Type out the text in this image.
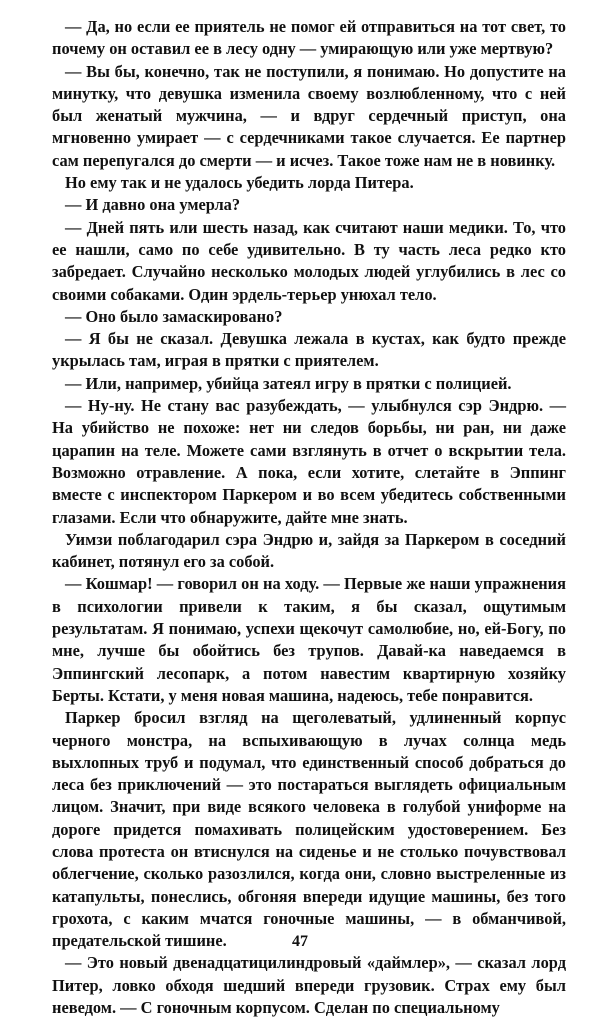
— Да, но если ее приятель не помог ей отправиться на тот свет, то почему он оставил ее в лесу одну — умирающую или уже мертвую?

— Вы бы, конечно, так не поступили, я понимаю. Но допустите на минутку, что девушка изменила своему возлюбленному, что с ней был женатый мужчина, — и вдруг сердечный приступ, она мгновенно умирает — с сердечниками такое случается. Ее партнер сам перепугался до смерти — и исчез. Такое тоже нам не в новинку.

Но ему так и не удалось убедить лорда Питера.

— И давно она умерла?

— Дней пять или шесть назад, как считают наши медики. То, что ее нашли, само по себе удивительно. В ту часть леса редко кто забредает. Случайно несколько молодых людей углубились в лес со своими собаками. Один эрдель-терьер унюхал тело.

— Оно было замаскировано?

— Я бы не сказал. Девушка лежала в кустах, как будто прежде укрылась там, играя в прятки с приятелем.

— Или, например, убийца затеял игру в прятки с полицией.

— Ну-ну. Не стану вас разубеждать, — улыбнулся сэр Эндрю. — На убийство не похоже: нет ни следов борьбы, ни ран, ни даже царапин на теле. Можете сами взглянуть в отчет о вскрытии тела. Возможно отравление. А пока, если хотите, слетайте в Эппинг вместе с инспектором Паркером и во всем убедитесь собственными глазами. Если что обнаружите, дайте мне знать.

Уимзи поблагодарил сэра Эндрю и, зайдя за Паркером в соседний кабинет, потянул его за собой.

— Кошмар! — говорил он на ходу. — Первые же наши упражнения в психологии привели к таким, я бы сказал, ощутимым результатам. Я понимаю, успехи щекочут самолюбие, но, ей-Богу, по мне, лучше бы обойтись без трупов. Давай-ка наведаемся в Эппингский лесопарк, а потом навестим квартирную хозяйку Берты. Кстати, у меня новая машина, надеюсь, тебе понравится.

Паркер бросил взгляд на щеголеватый, удлиненный корпус черного монстра, на вспыхивающую в лучах солнца медь выхлопных труб и подумал, что единственный способ добраться до леса без приключений — это постараться выглядеть официальным лицом. Значит, при виде всякого человека в голубой униформе на дороге придется помахивать полицейским удостоверением. Без слова протеста он втиснулся на сиденье и не столько почувствовал облегчение, сколько разозлился, когда они, словно выстреленные из катапульты, понеслись, обгоняя впереди идущие машины, без того грохота, с каким мчатся гоночные машины, — в обманчивой, предательской тишине.

— Это новый двенадцатицилиндровый «даймлер», — сказал лорд Питер, ловко обходя шедший впереди грузовик. Страх ему был неведом. — С гоночным корпусом. Сделан по специальному

47
